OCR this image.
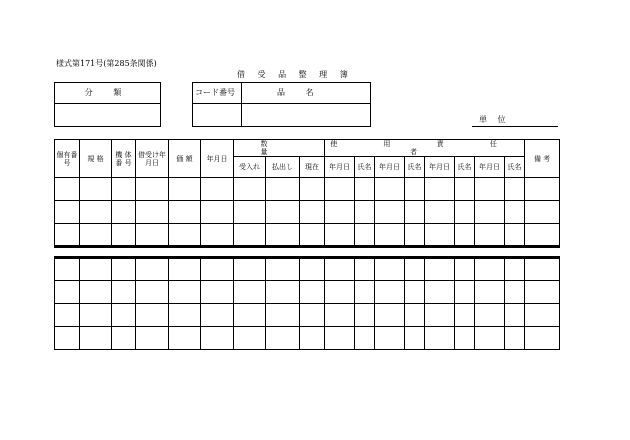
様式第171号(第285条関係)
借 受 品 整 理 簿
分 類	コード番号	品 名
単 位
個有番号	規 格	機 体番 号	借受け年月日	価 額	年月日	数 量			使 用 責 任 者								備 考
						受入れ	払出し	現在	年月日	氏名	年月日	氏名	年月日	氏名	年月日	氏名	
